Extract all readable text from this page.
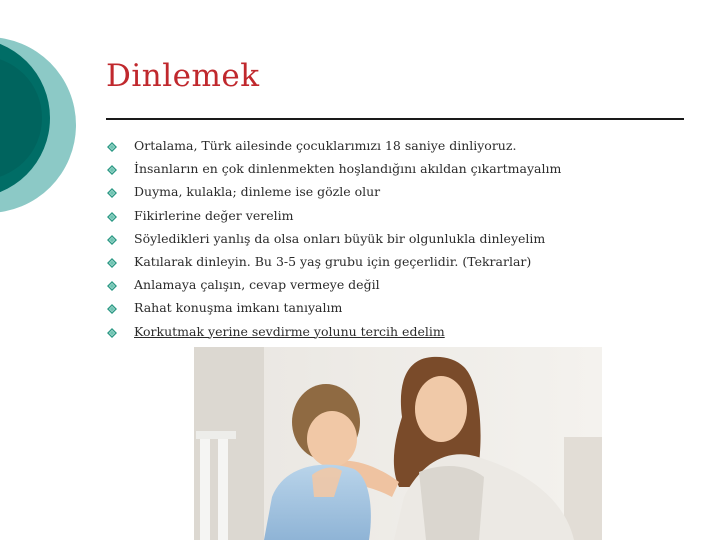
Dinlemek
Ortalama, Türk ailesinde çocuklarımızı 18 saniye dinliyoruz.
İnsanların en çok dinlenmekten hoşlandığını akıldan çıkartmayalım
Duyma, kulakla; dinleme ise gözle olur
Fikirlerine değer verelim
Söyledikleri yanlış da olsa onları büyük bir olgunlukla dinleyelim
Katılarak dinleyin. Bu 3-5 yaş grubu için geçerlidir. (Tekrarlar)
Anlamaya çalışın, cevap vermeye değil
Rahat konuşma imkanı tanıyalım
Korkutmak yerine sevdirme yolunu tercih edelim
